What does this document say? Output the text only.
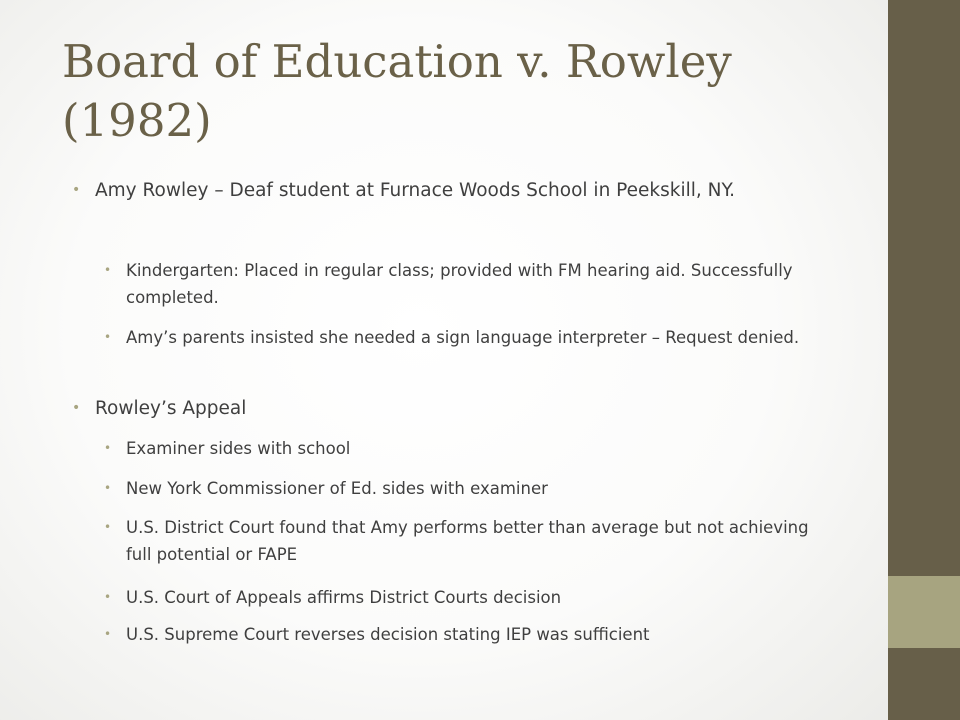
Board of Education v. Rowley (1982)
• Amy Rowley – Deaf student at Furnace Woods School in Peekskill, NY.
• Kindergarten: Placed in regular class; provided with FM hearing aid. Successfully completed.
• Amy’s parents insisted she needed a sign language interpreter – Request denied.
• Rowley’s Appeal
• Examiner sides with school
• New York Commissioner of Ed. sides with examiner
• U.S. District Court found that Amy performs better than average but not achieving full potential or FAPE
• U.S. Court of Appeals affirms District Courts decision
• U.S. Supreme Court reverses decision stating IEP was sufficient
